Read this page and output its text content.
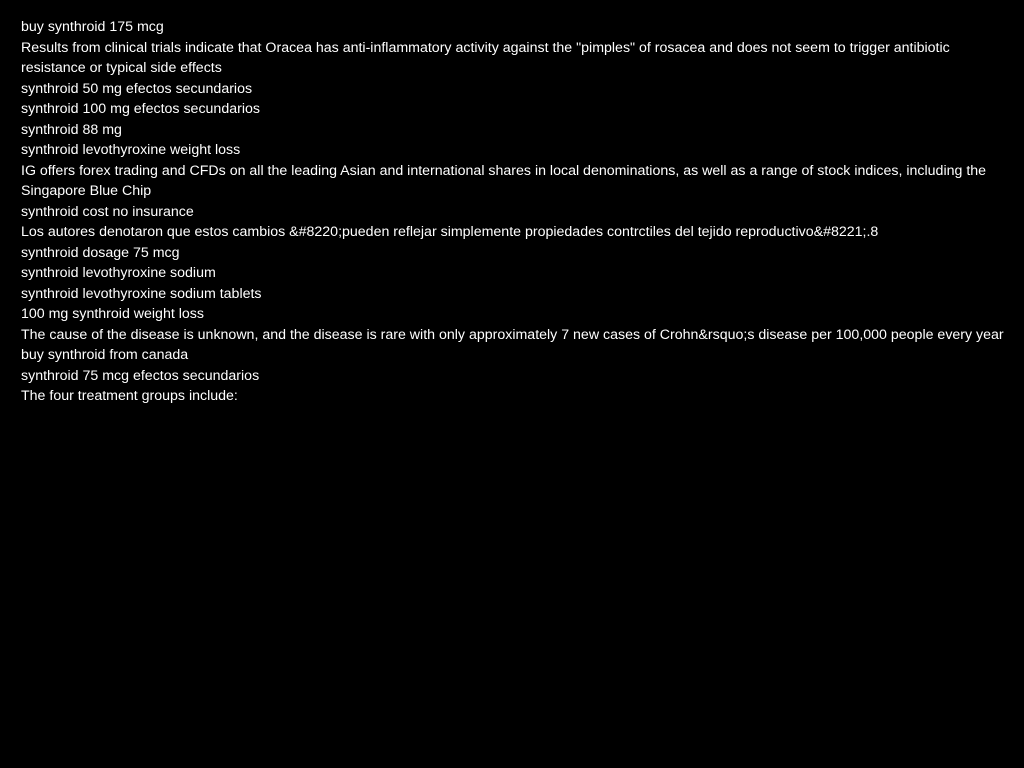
buy synthroid 175 mcg

Results from clinical trials indicate that Oracea has anti-inflammatory activity against the "pimples" of rosacea and does not seem to trigger antibiotic resistance or typical side effects

synthroid 50 mg efectos secundarios

synthroid 100 mg efectos secundarios

synthroid 88 mg

synthroid levothyroxine weight loss

IG offers forex trading and CFDs on all the leading Asian and international shares in local denominations, as well as a range of stock indices, including the Singapore Blue Chip

synthroid cost no insurance

Los autores denotaron que estos cambios &#8220;pueden reflejar simplemente propiedades contrctiles del tejido reproductivo&#8221;.8

synthroid dosage 75 mcg

synthroid levothyroxine sodium

synthroid levothyroxine sodium tablets

100 mg synthroid weight loss

The cause of the disease is unknown, and the disease is rare with only approximately 7 new cases of Crohn&rsquo;s disease per 100,000 people every year

buy synthroid from canada

synthroid 75 mcg efectos secundarios

The four treatment groups include:
